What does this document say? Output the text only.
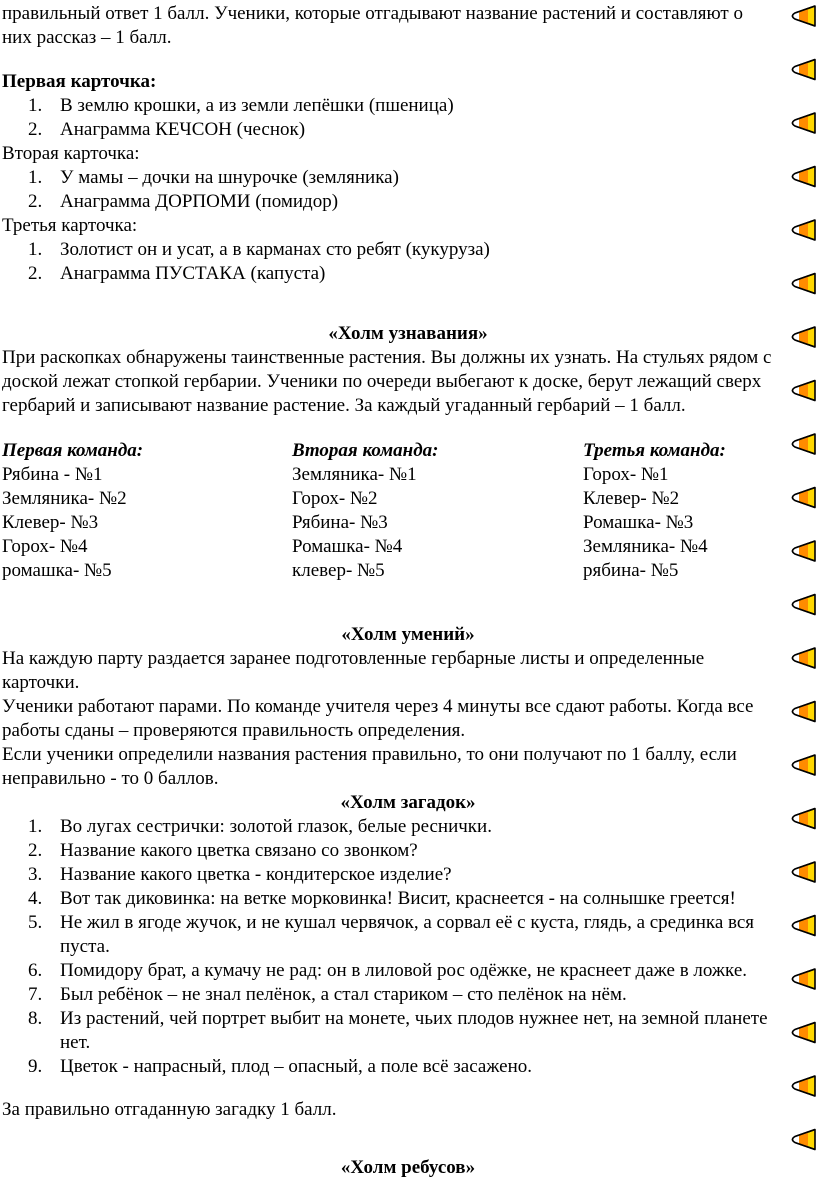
правильный ответ 1 балл. Ученики, которые отгадывают название растений и составляют о
них рассказ – 1 балл.
Первая карточка:
1. В землю крошки, а из земли лепёшки (пшеница)
2. Анаграмма КЕЧСОН (чеснок)
Вторая карточка:
1. У мамы – дочки на шнурочке (земляника)
2. Анаграмма ДОРПОМИ (помидор)
Третья карточка:
1. Золотист он и усат, а в карманах сто ребят (кукуруза)
2. Анаграмма ПУСТАКА (капуста)
«Холм узнавания»
При раскопках обнаружены таинственные растения. Вы должны их узнать. На стульях рядом с
доской лежат стопкой гербарии. Ученики по очереди выбегают к доске, берут лежащий сверх
гербарий и записывают название растение. За каждый угаданный гербарий – 1 балл.
Первая команда:
Рябина - №1
Земляника- №2
Клевер- №3
Горох- №4
ромашка- №5
Вторая команда:
Земляника- №1
Горох- №2
Рябина- №3
Ромашка- №4
клевер- №5
Третья команда:
Горох- №1
Клевер- №2
Ромашка- №3
Земляника- №4
рябина- №5
«Холм умений»
На каждую парту раздается заранее подготовленные гербарные листы и определенные
карточки.
Ученики работают парами. По команде учителя через 4 минуты все сдают работы. Когда все
работы сданы – проверяются правильность определения.
Если ученики определили названия растения правильно, то они получают по 1 баллу, если
неправильно - то 0 баллов.
«Холм загадок»
1. Во лугах сестрички: золотой глазок, белые реснички.
2. Название какого цветка связано со звонком?
3. Название какого цветка - кондитерское изделие?
4. Вот так диковинка: на ветке морковинка! Висит, краснеется - на солнышке греется!
5. Не жил в ягоде жучок, и не кушал червячок, а сорвал её с куста, глядь, а срединка вся
пуста.
6. Помидору брат, а кумачу не рад: он в лиловой рос одёжке, не краснеет даже в ложке.
7. Был ребёнок – не знал пелёнок, а стал стариком – сто пелёнок на нём.
8. Из растений, чей портрет выбит на монете, чьих плодов нужнее нет, на земной планете
нет.
9. Цветок - напрасный, плод – опасный, а поле всё засажено.
За правильно отгаданную загадку 1 балл.
«Холм ребусов»
